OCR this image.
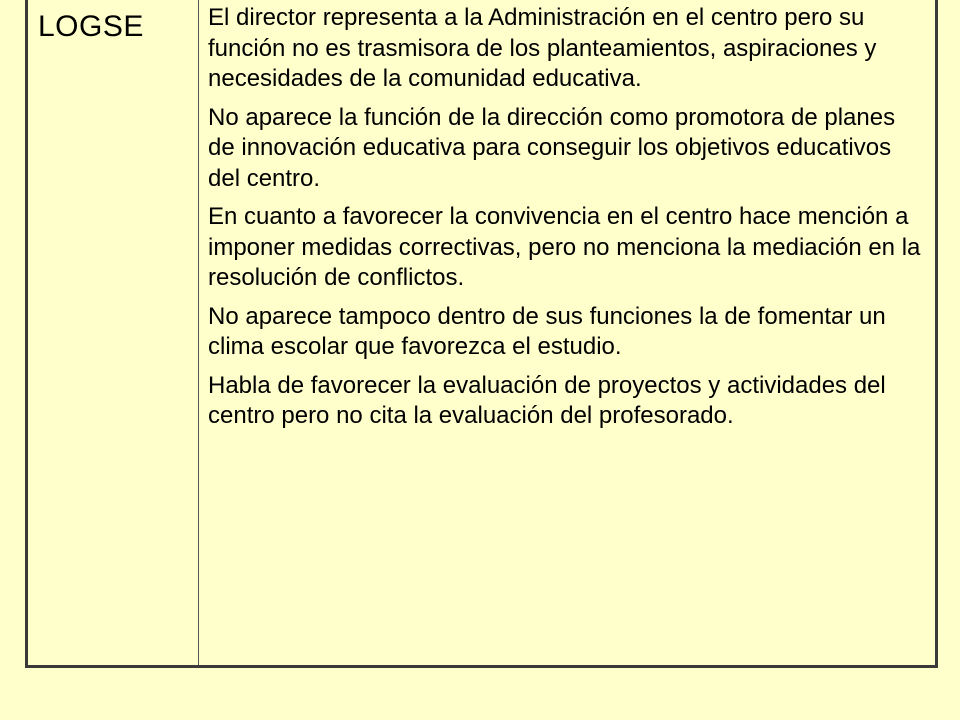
LOGSE	El director representa a la Administración en el centro pero su función no es trasmisora de los planteamientos, aspiraciones y necesidades de la comunidad educativa.

No aparece la función de la dirección como promotora de planes de innovación educativa para conseguir los objetivos educativos del centro.

En cuanto a favorecer la convivencia en el centro hace mención a imponer medidas correctivas, pero no menciona la mediación en la resolución de conflictos.

No aparece tampoco dentro de sus funciones la de fomentar un clima escolar que favorezca el estudio.

Habla de favorecer la evaluación de proyectos y actividades del centro pero no cita la evaluación del profesorado.
